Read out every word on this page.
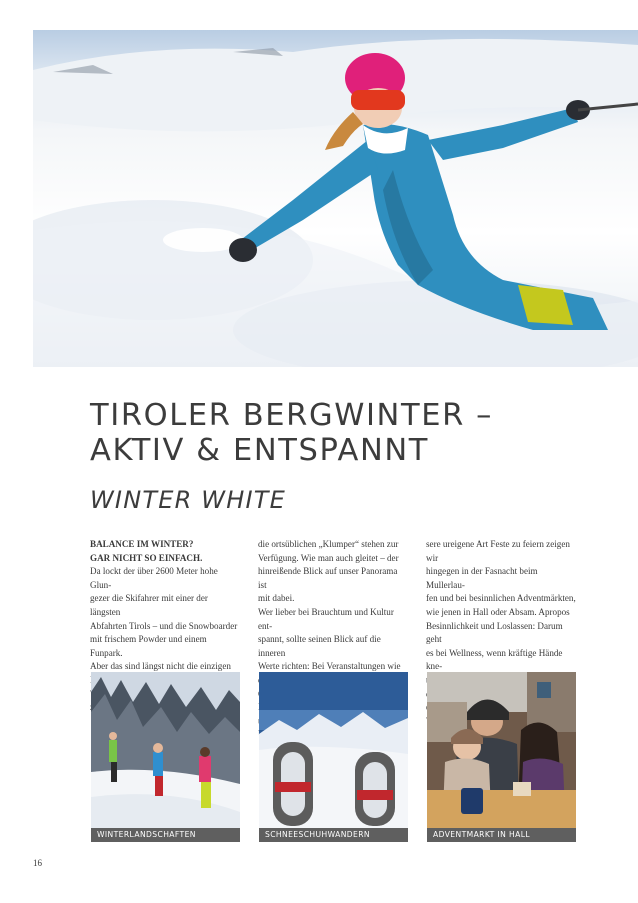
TIROLER BERGWINTER –
AKTIV & ENTSPANNT
WINTER WHITE

BALANCE IM WINTER?

GAR NICHT SO EINFACH.

Da lockt der über 2600 Meter hohe Glun-

gezer die Skifahrer mit einer der längsten

Abfahrten Tirols – und die Snowboarder

mit frischem Powder und einem Funpark.

Aber das sind längst nicht die einzigen

die ortsüblichen „Klumper“ stehen zur

Verfügung. Wie man auch gleitet – der

hinreißende Blick auf unser Panorama ist

mit dabei.

Wer lieber bei Brauchtum und Kultur ent-

spannt, sollte seinen Blick auf die inneren

Werte richten: Bei Veranstaltungen wie

sere ureigene Art Feste zu feiern zeigen wir

hingegen in der Fasnacht beim Mullerlau-

fen und bei besinnlichen Adventmärkten,

wie jenen in Hall oder Absam. Apropos

Besinnlichkeit und Loslassen: Darum geht

es bei Wellness, wenn kräftige Hände kne-

WINTERLANDSCHAFTEN	SCHNEESCHUHWANDERN	ADVENTMARKT IN HALL
16
